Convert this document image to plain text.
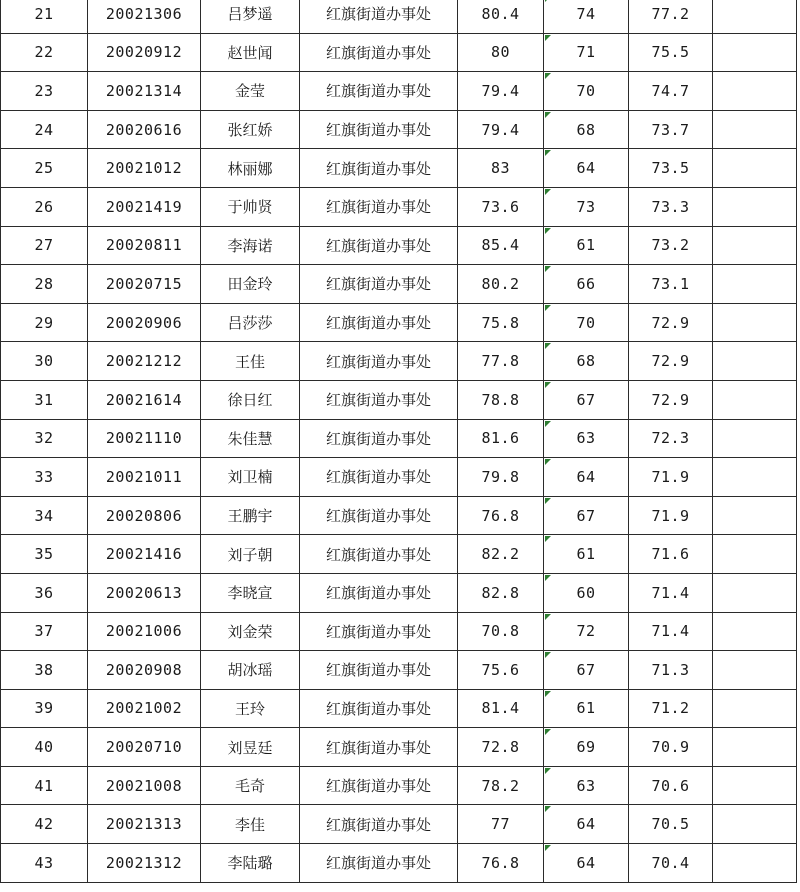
21	20021306	吕梦遥	红旗街道办事处	80.4	74	77.2	
22	20020912	赵世闻	红旗街道办事处	80	71	75.5	
23	20021314	金莹	红旗街道办事处	79.4	70	74.7	
24	20020616	张红娇	红旗街道办事处	79.4	68	73.7	
25	20021012	林丽娜	红旗街道办事处	83	64	73.5	
26	20021419	于帅贤	红旗街道办事处	73.6	73	73.3	
27	20020811	李海诺	红旗街道办事处	85.4	61	73.2	
28	20020715	田金玲	红旗街道办事处	80.2	66	73.1	
29	20020906	吕莎莎	红旗街道办事处	75.8	70	72.9	
30	20021212	王佳	红旗街道办事处	77.8	68	72.9	
31	20021614	徐日红	红旗街道办事处	78.8	67	72.9	
32	20021110	朱佳慧	红旗街道办事处	81.6	63	72.3	
33	20021011	刘卫楠	红旗街道办事处	79.8	64	71.9	
34	20020806	王鹏宇	红旗街道办事处	76.8	67	71.9	
35	20021416	刘子朝	红旗街道办事处	82.2	61	71.6	
36	20020613	李晓宣	红旗街道办事处	82.8	60	71.4	
37	20021006	刘金荣	红旗街道办事处	70.8	72	71.4	
38	20020908	胡冰瑶	红旗街道办事处	75.6	67	71.3	
39	20021002	王玲	红旗街道办事处	81.4	61	71.2	
40	20020710	刘昱廷	红旗街道办事处	72.8	69	70.9	
41	20021008	毛奇	红旗街道办事处	78.2	63	70.6	
42	20021313	李佳	红旗街道办事处	77	64	70.5	
43	20021312	李陆璐	红旗街道办事处	76.8	64	70.4	
